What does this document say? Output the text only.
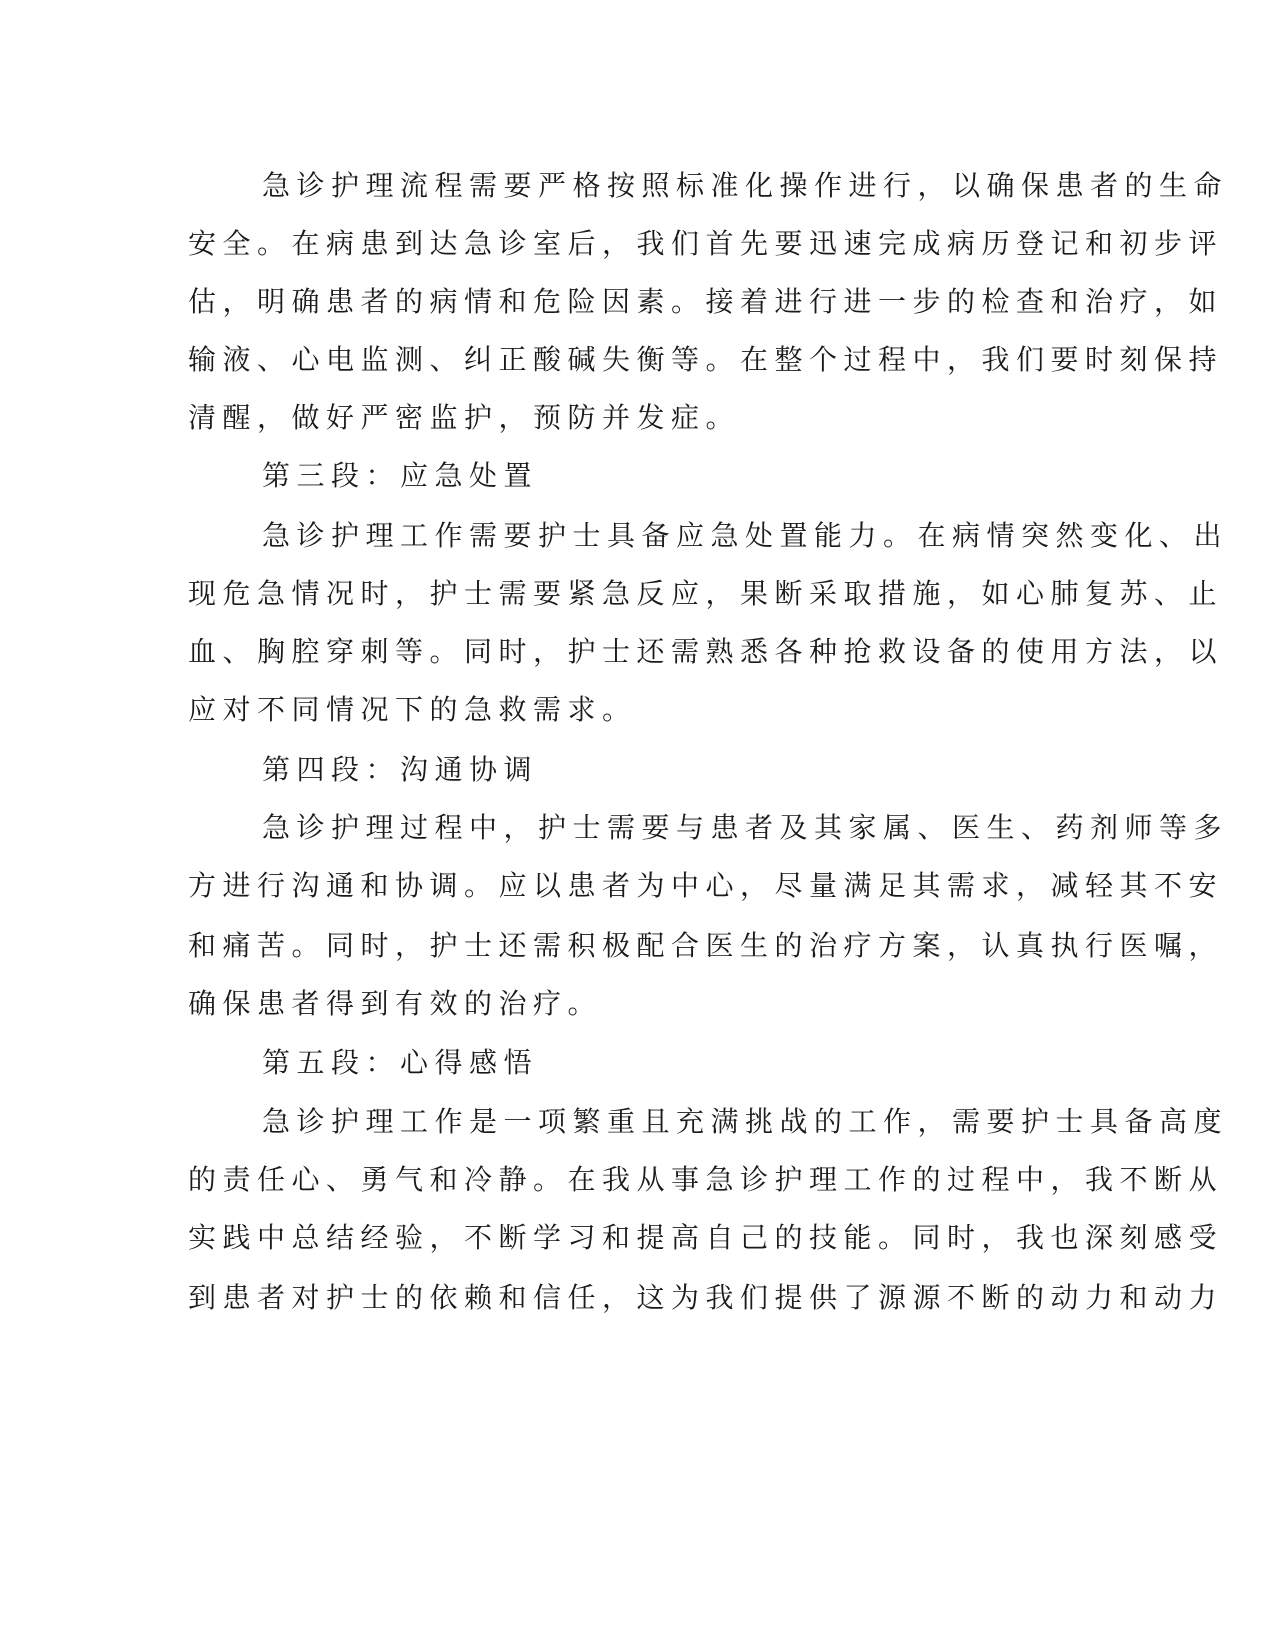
急诊护理流程需要严格按照标准化操作进行，以确保患者的生命
安全。在病患到达急诊室后，我们首先要迅速完成病历登记和初步评
估，明确患者的病情和危险因素。接着进行进一步的检查和治疗，如
输液、心电监测、纠正酸碱失衡等。在整个过程中，我们要时刻保持
清醒，做好严密监护，预防并发症。
第三段：应急处置
急诊护理工作需要护士具备应急处置能力。在病情突然变化、出
现危急情况时，护士需要紧急反应，果断采取措施，如心肺复苏、止
血、胸腔穿刺等。同时，护士还需熟悉各种抢救设备的使用方法，以
应对不同情况下的急救需求。
第四段：沟通协调
急诊护理过程中，护士需要与患者及其家属、医生、药剂师等多
方进行沟通和协调。应以患者为中心，尽量满足其需求，减轻其不安
和痛苦。同时，护士还需积极配合医生的治疗方案，认真执行医嘱，
确保患者得到有效的治疗。
第五段：心得感悟
急诊护理工作是一项繁重且充满挑战的工作，需要护士具备高度
的责任心、勇气和冷静。在我从事急诊护理工作的过程中，我不断从
实践中总结经验，不断学习和提高自己的技能。同时，我也深刻感受
到患者对护士的依赖和信任，这为我们提供了源源不断的动力和动力
